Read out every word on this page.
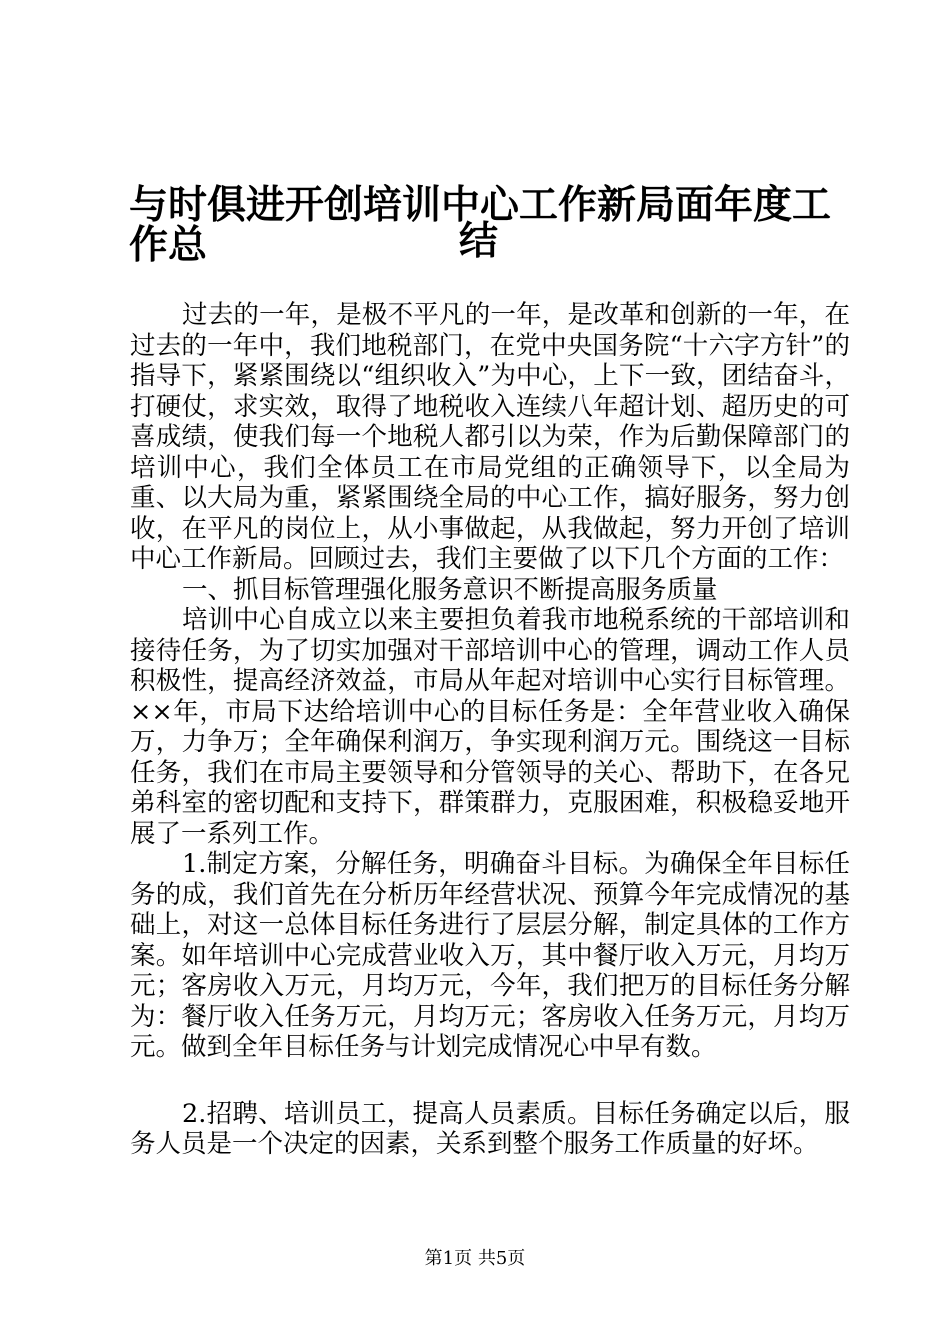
与时俱进开创培训中心工作新局面年度工作总	结

过去的一年，是极不平凡的一年，是改革和创新的一年，在过去的一年中，我们地税部门，在党中央国务院“十六字方针”的指导下，紧紧围绕以“组织收入”为中心，上下一致，团结奋斗，打硬仗，求实效，取得了地税收入连续八年超计划、超历史的可喜成绩，使我们每一个地税人都引以为荣，作为后勤保障部门的培训中心，我们全体员工在市局党组的正确领导下，以全局为重、以大局为重，紧紧围绕全局的中心工作，搞好服务，努力创收，在平凡的岗位上，从小事做起，从我做起，努力开创了培训中心工作新局。回顾过去，我们主要做了以下几个方面的工作：

一、抓目标管理强化服务意识不断提高服务质量

培训中心自成立以来主要担负着我市地税系统的干部培训和接待任务，为了切实加强对干部培训中心的管理，调动工作人员积极性，提高经济效益，市局从年起对培训中心实行目标管理。××年，市局下达给培训中心的目标任务是：全年营业收入确保万，力争万；全年确保利润万，争实现利润万元。围绕这一目标任务，我们在市局主要领导和分管领导的关心、帮助下，在各兄弟科室的密切配和支持下，群策群力，克服困难，积极稳妥地开展了一系列工作。

1.制定方案，分解任务，明确奋斗目标。为确保全年目标任务的成，我们首先在分析历年经营状况、预算今年完成情况的基础上，对这一总体目标任务进行了层层分解，制定具体的工作方案。如年培训中心完成营业收入万，其中餐厅收入万元，月均万元；客房收入万元，月均万元，今年，我们把万的目标任务分解为：餐厅收入任务万元，月均万元；客房收入任务万元，月均万元。做到全年目标任务与计划完成情况心中早有数。

2.招聘、培训员工，提高人员素质。目标任务确定以后，服务人员是一个决定的因素，关系到整个服务工作质量的好坏。

第1页 共5页
